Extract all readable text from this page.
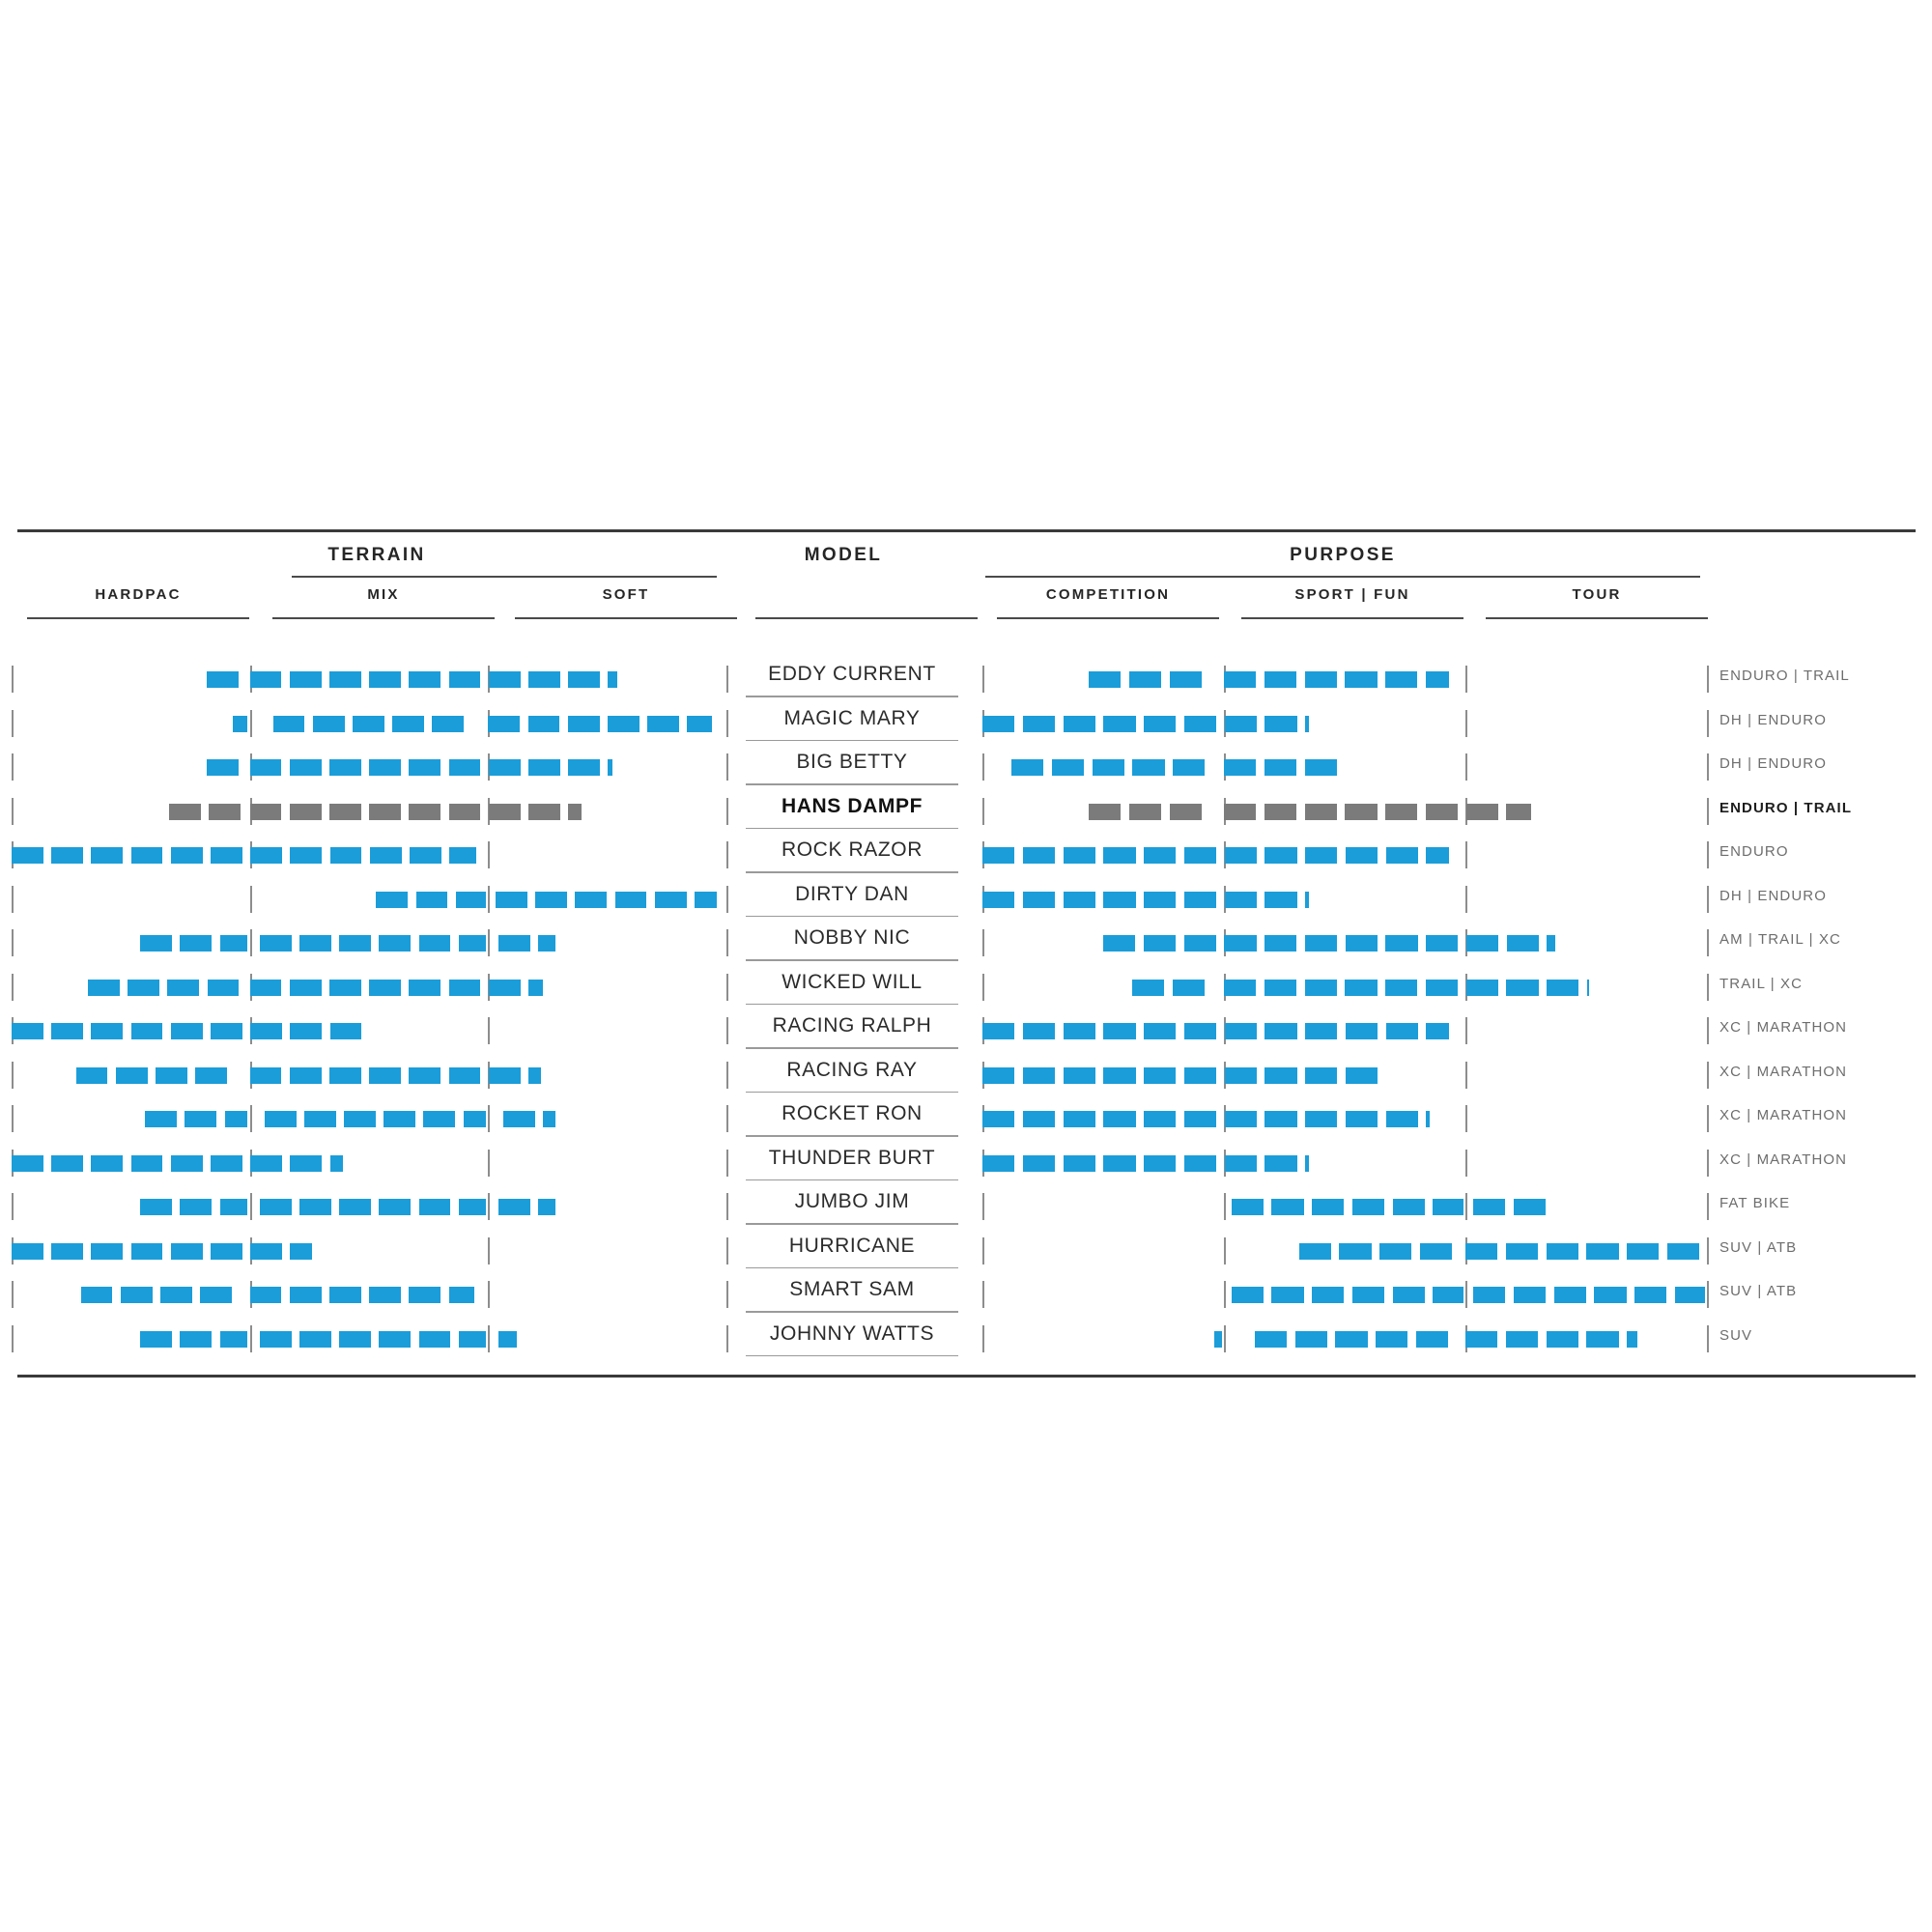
TERRAIN	MODEL	PURPOSE
HARDPAC	MIX	SOFT	COMPETITION	SPORT | FUN	TOUR
EDDY CURRENT	ENDURO | TRAIL
MAGIC MARY	DH | ENDURO
BIG BETTY	DH | ENDURO
HANS DAMPF	ENDURO | TRAIL
ROCK RAZOR	ENDURO
DIRTY DAN	DH | ENDURO
NOBBY NIC	AM | TRAIL | XC
WICKED WILL	TRAIL | XC
RACING RALPH	XC | MARATHON
RACING RAY	XC | MARATHON
ROCKET RON	XC | MARATHON
THUNDER BURT	XC | MARATHON
JUMBO JIM	FAT BIKE
HURRICANE	SUV | ATB
SMART SAM	SUV | ATB
JOHNNY WATTS	SUV
